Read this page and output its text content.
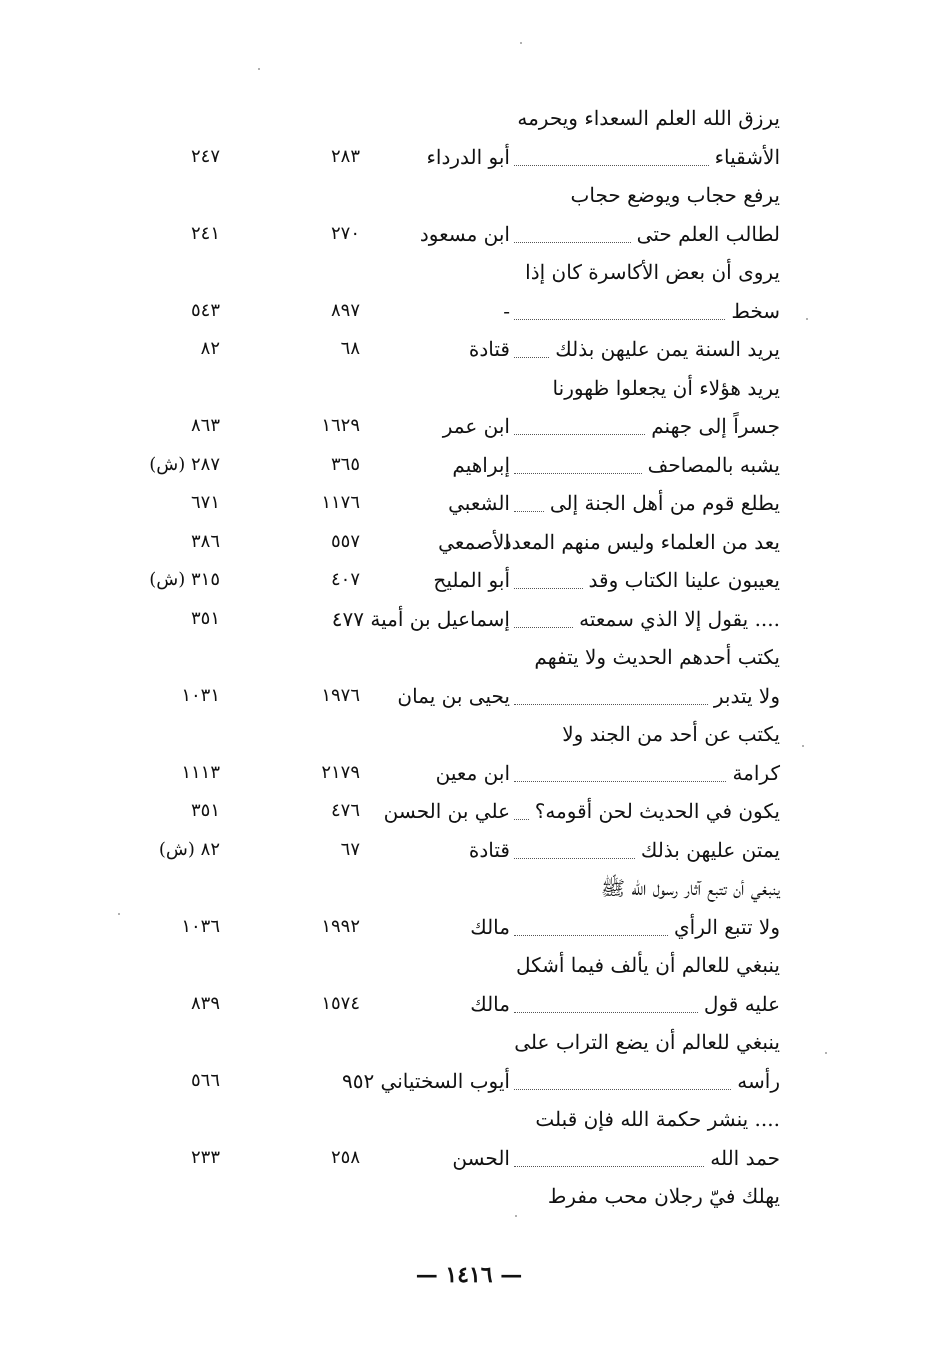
يرزق الله العلم السعداء ويحرمه
الأشقياء
أبو الدرداء
٢٨٣
٢٤٧
يرفع حجاب ويوضع حجاب
لطالب العلم حتى
ابن مسعود
٢٧٠
٢٤١
يروى أن بعض الأكاسرة كان إذا
سخط
-
٨٩٧
٥٤٣
يريد السنة يمن عليهن بذلك
قتادة
٦٨
٨٢
يريد هؤلاء أن يجعلوا ظهورنا
جسراً إلى جهنم
ابن عمر
١٦٢٩
٨٦٣
يشبه بالمصاحف
إبراهيم
٣٦٥
٢٨٧ (ش)
يطلع قوم من أهل الجنة إلى
الشعبي
١١٧٦
٦٧١
يعد من العلماء وليس منهم المعدد
الأصمعي
٥٥٧
٣٨٦
يعيبون علينا الكتاب وقد
أبو المليح
٤٠٧
٣١٥ (ش)
.... يقول إلا الذي سمعته
إسماعيل بن أمية ٤٧٧
٣٥١
يكتب أحدهم الحديث ولا يتفهم
ولا يتدبر
يحيى بن يمان
١٩٧٦
١٠٣١
يكتب عن أحد من الجند ولا
كرامة
ابن معين
٢١٧٩
١١١٣
يكون في الحديث لحن أقومه؟
علي بن الحسن
٤٧٦
٣٥١
يمتن عليهن بذلك
قتادة
٦٧
٨٢ (ش)
ينبغي أن تتبع آثار رسول الله ﷺ
ولا تتبع الرأي
مالك
١٩٩٢
١٠٣٦
ينبغي للعالم أن يألف فيما أشكل
عليه قول
مالك
١٥٧٤
٨٣٩
ينبغي للعالم أن يضع التراب على
رأسه
أيوب السختياني ٩٥٢
٥٦٦
.... ينشر حكمة الله فإن قبلت
حمد الله
الحسن
٢٥٨
٢٣٣
يهلك فيّ رجلان محب مفرط
— ١٤١٦ —
